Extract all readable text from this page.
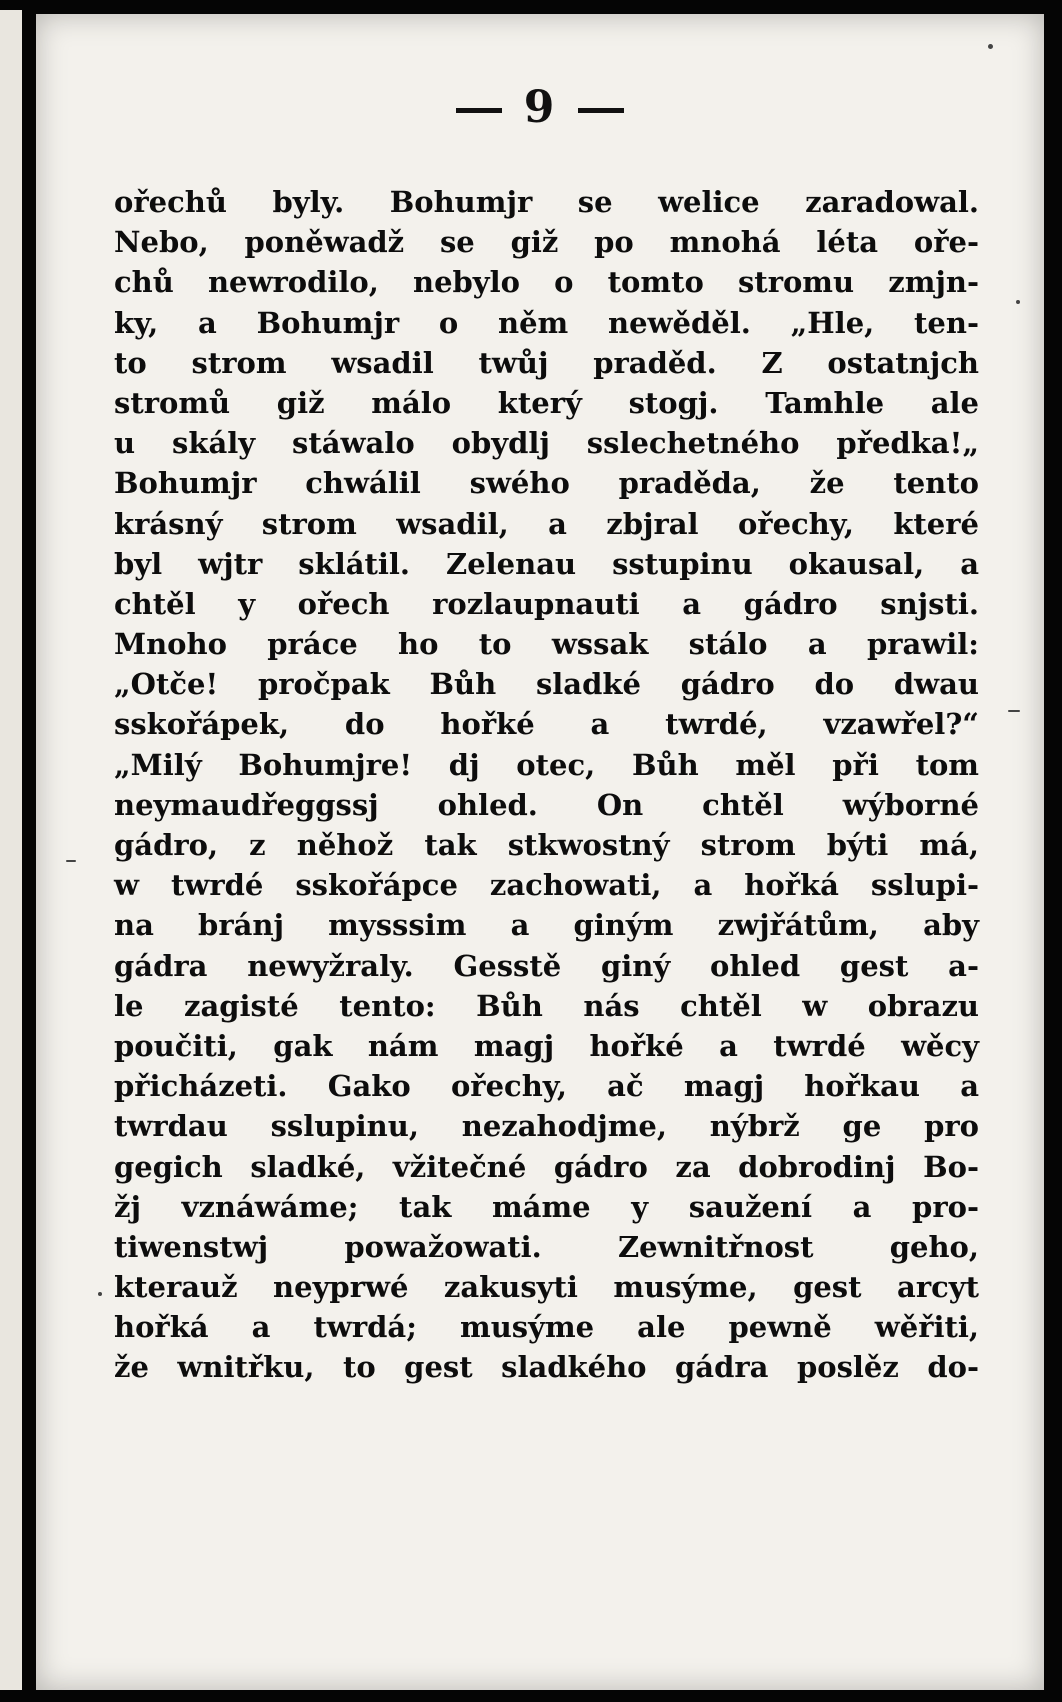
9
ořechů byly. Bohumjr se welice zaradowal.
Nebo, poněwadž se giž po mnohá léta oře-
chů newrodilo, nebylo o tomto stromu zmjn-
ky, a Bohumjr o něm newěděl. „Hle, ten-
to strom wsadil twůj praděd. Z ostatnjch
stromů giž málo který stogj. Tamhle ale
u skály stáwalo obydlj sslechetného předka!„
Bohumjr chwálil swého praděda, že tento
krásný strom wsadil, a zbjral ořechy, které
byl wjtr sklátil. Zelenau sstupinu okausal, a
chtěl y ořech rozlaupnauti a gádro snjsti.
Mnoho práce ho to wssak stálo a prawil:
„Otče! pročpak Bůh sladké gádro do dwau
sskořápek, do hořké a twrdé, vzawřel?“
„Milý Bohumjre! dj otec, Bůh měl při tom
neymaudřeggssj ohled. On chtěl wýborné
gádro, z něhož tak stkwostný strom býti má,
w twrdé sskořápce zachowati, a hořká sslupi-
na bránj mysssim a giným zwjřátům, aby
gádra newyžraly. Gesstě giný ohled gest a-
le zagisté tento: Bůh nás chtěl w obrazu
poučiti, gak nám magj hořké a twrdé wěcy
přicházeti. Gako ořechy, ač magj hořkau a
twrdau sslupinu, nezahodjme, nýbrž ge pro
gegich sladké, vžitečné gádro za dobrodinj Bo-
žj vznáwáme; tak máme y saužení a pro-
tiwenstwj powažowati. Zewnitřnost geho,
kterauž neyprwé zakusyti musýme, gest arcyt
hořká a twrdá; musýme ale pewně wěřiti,
že wnitřku, to gest sladkého gádra poslěz do-
